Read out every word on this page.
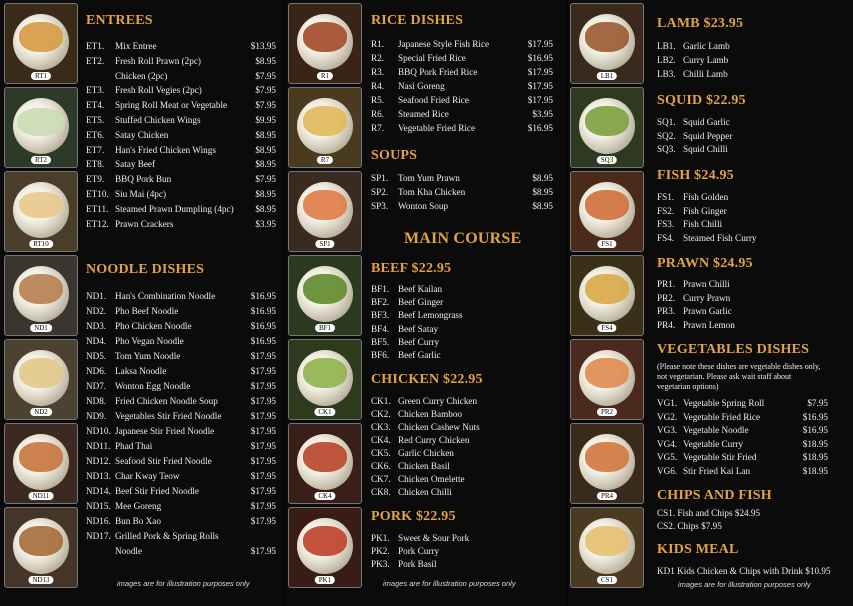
RT1
RT2
RT10
ND1
ND2
ND11
ND13
ENTREES
ET1. Mix Entree	$13.95
ET2. Fresh Roll Prawn (2pc)	$8.95
Chicken (2pc)	$7.95
ET3. Fresh Roll Vegies (2pc)	$7.95
ET4. Spring Roll Meat or Vegetable	$7.95
ET5. Stuffed Chicken Wings	$9.95
ET6. Satay Chicken	$8.95
ET7. Han's Fried Chicken Wings	$8.95
ET8. Satay Beef	$8.95
ET9. BBQ Pork Bun	$7.95
ET10. Siu Mai (4pc)	$8.95
ET11. Steamed Prawn Dumpling (4pc) $8.95
ET12. Prawn Crackers	$3.95
NOODLE DISHES
ND1. Han's Combination Noodle	$16.95
ND2. Pho Beef Noodle	$16.95
ND3. Pho Chicken Noodle	$16.95
ND4. Pho Vegan Noodle	$16.95
ND5. Tom Yum Noodle	$17.95
ND6. Laksa Noodle	$17.95
ND7. Wonton Egg Noodle	$17.95
ND8. Fried Chicken Noodle Soup	$17.95
ND9. Vegetables Stir Fried Noodle	$17.95
ND10. Japanese Stir Fried Noodle	$17.95
ND11. Phad Thai	$17.95
ND12. Seafood Stir Fried Noodle	$17.95
ND13. Char Kway Teow	$17.95
ND14. Beef Stir Fried Noodle	$17.95
ND15. Mee Goreng	$17.95
ND16. Bun Bo Xao	$17.95
ND17. Grilled Pork & Spring Rolls
Noodle	$17.95
images are for illustration purposes only
R1
R7
SP1
BF1
CK1
CK4
PK1
RICE DISHES
R1. Japanese Style Fish Rice	$17.95
R2. Special Fried Rice	$16.95
R3. BBQ Pork Fried Rice	$17.95
R4. Nasi Goreng	$17.95
R5. Seafood Fried Rice	$17.95
R6. Steamed Rice	$3.95
R7. Vegetable Fried Rice	$16.95
SOUPS
SP1. Tom Yum Prawn	$8.95
SP2. Tom Kha Chicken	$8.95
SP3. Wonton Soup	$8.95
MAIN COURSE
BEEF $22.95
BF1. Beef Kailan
BF2. Beef Ginger
BF3. Beef Lemongrass
BF4. Beef Satay
BF5. Beef Curry
BF6. Beef Garlic
CHICKEN $22.95
CK1. Green Curry Chicken
CK2. Chicken Bamboo
CK3. Chicken Cashew Nuts
CK4. Red Curry Chicken
CK5. Garlic Chicken
CK6. Chicken Basil
CK7. Chicken Omelette
CK8. Chicken Chilli
PORK $22.95
PK1. Sweet & Sour Pork
PK2. Pork Curry
PK3. Pork Basil
images are for illustration purposes only
LB1
SQ3
FS1
FS4
PR2
PR4
CS1
LAMB $23.95
LB1. Garlic Lamb
LB2. Curry Lamb
LB3. Chilli Lamb
SQUID $22.95
SQ1. Squid Garlic
SQ2. Squid Pepper
SQ3. Squid Chilli
FISH $24.95
FS1. Fish Golden
FS2. Fish Ginger
FS3. Fish Chilli
FS4. Steamed Fish Curry
PRAWN $24.95
PR1. Prawn Chilli
PR2. Curry Prawn
PR3. Prawn Garlic
PR4. Prawn Lemon
VEGETABLES DISHES
(Please note these dishes are vegetable dishes only,
not vegetarian. Please ask wait staff about
vegetarian options)
VG1. Vegetable Spring Roll	$7.95
VG2. Vegetable Fried Rice	$16.95
VG3. Vegetable Noodle	$16.95
VG4. Vegetable Curry	$18.95
VG5. Vegetable Stir Fried	$18.95
VG6. Stir Fried Kai Lan	$18.95
CHIPS AND FISH
CS1. Fish and Chips $24.95
CS2. Chips $7.95
KIDS MEAL
KD1 Kids Chicken & Chips with Drink $10.95
images are for illustration purposes only
